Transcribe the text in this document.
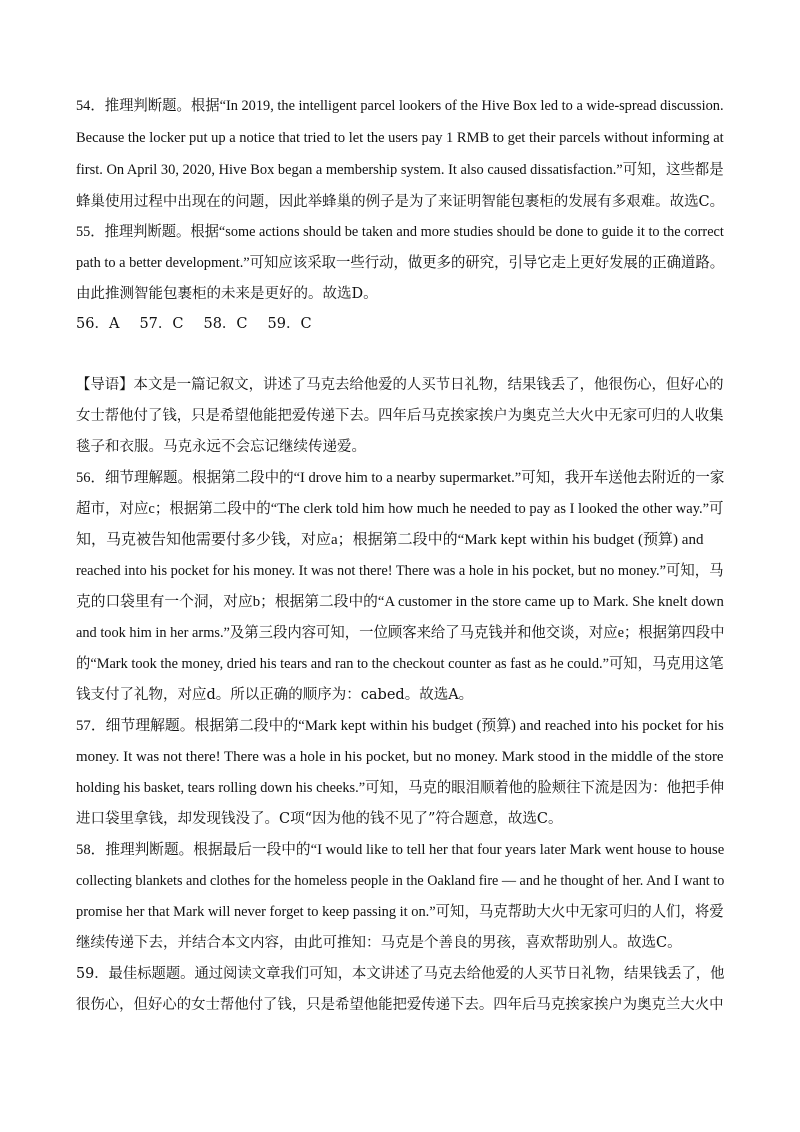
54．推理判断题。根据“In 2019, the intelligent parcel lookers of the Hive Box led to a wide-spread discussion.
Because the locker put up a notice that tried to let the users pay 1 RMB to get their parcels without informing at
first. On April 30, 2020, Hive Box began a membership system. It also caused dissatisfaction.”可知，这些都是
蜂巢使用过程中出现在的问题，因此举蜂巢的例子是为了来证明智能包裹柜的发展有多艰难。故选C。
55．推理判断题。根据“some actions should be taken and more studies should be done to guide it to the correct
path to a better development.”可知应该采取一些行动，做更多的研究，引导它走上更好发展的正确道路。
由此推测智能包裹柜的未来是更好的。故选D。
56．A 57．C 58．C 59．C
【导语】本文是一篇记叙文，讲述了马克去给他爱的人买节日礼物，结果钱丢了，他很伤心，但好心的
女士帮他付了钱，只是希望他能把爱传递下去。四年后马克挨家挨户为奥克兰大火中无家可归的人收集
毯子和衣服。马克永远不会忘记继续传递爱。
56．细节理解题。根据第二段中的“I drove him to a nearby supermarket.”可知，我开车送他去附近的一家
超市，对应c；根据第二段中的“The clerk told him how much he needed to pay as I looked the other way.”可
知，马克被告知他需要付多少钱，对应a；根据第二段中的“Mark kept within his budget (预算) and
reached into his pocket for his money. It was not there! There was a hole in his pocket, but no money.”可知，马
克的口袋里有一个洞，对应b；根据第二段中的“A customer in the store came up to Mark. She knelt down
and took him in her arms.”及第三段内容可知，一位顾客来给了马克钱并和他交谈，对应e；根据第四段中
的“Mark took the money, dried his tears and ran to the checkout counter as fast as he could.”可知，马克用这笔
钱支付了礼物，对应d。所以正确的顺序为：cabed。故选A。
57．细节理解题。根据第二段中的“Mark kept within his budget (预算) and reached into his pocket for his
money. It was not there! There was a hole in his pocket, but no money. Mark stood in the middle of the store
holding his basket, tears rolling down his cheeks.”可知，马克的眼泪顺着他的脸颊往下流是因为：他把手伸
进口袋里拿钱，却发现钱没了。C项“因为他的钱不见了”符合题意，故选C。
58．推理判断题。根据最后一段中的“I would like to tell her that four years later Mark went house to house
collecting blankets and clothes for the homeless people in the Oakland fire — and he thought of her. And I want to
promise her that Mark will never forget to keep passing it on.”可知，马克帮助大火中无家可归的人们，将爱
继续传递下去，并结合本文内容，由此可推知：马克是个善良的男孩，喜欢帮助别人。故选C。
59．最佳标题题。通过阅读文章我们可知，本文讲述了马克去给他爱的人买节日礼物，结果钱丢了，他
很伤心，但好心的女士帮他付了钱，只是希望他能把爱传递下去。四年后马克挨家挨户为奥克兰大火中
